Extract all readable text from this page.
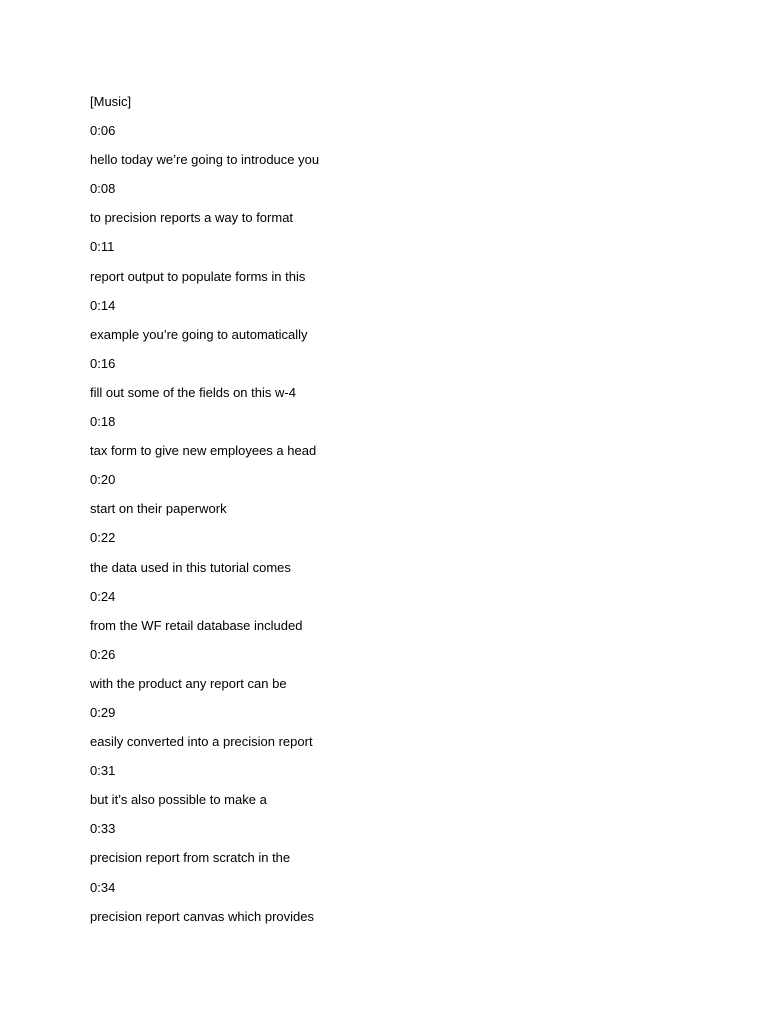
[Music]
0:06
hello today we’re going to introduce you
0:08
to precision reports a way to format
0:11
report output to populate forms in this
0:14
example you’re going to automatically
0:16
fill out some of the fields on this w-4
0:18
tax form to give new employees a head
0:20
start on their paperwork
0:22
the data used in this tutorial comes
0:24
from the WF retail database included
0:26
with the product any report can be
0:29
easily converted into a precision report
0:31
but it’s also possible to make a
0:33
precision report from scratch in the
0:34
precision report canvas which provides
